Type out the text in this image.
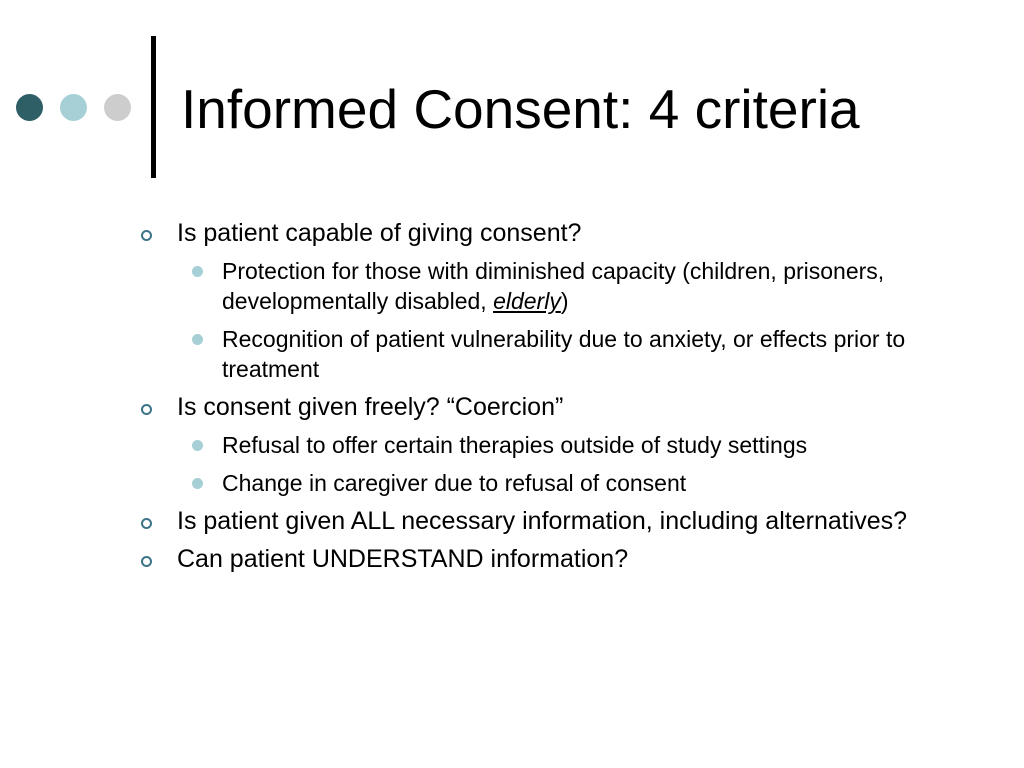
Informed Consent: 4 criteria
Is patient capable of giving consent?
Protection for those with diminished capacity (children, prisoners, developmentally disabled, elderly)
Recognition of patient vulnerability due to anxiety, or effects prior to treatment
Is consent given freely? “Coercion”
Refusal to offer certain therapies outside of study settings
Change in caregiver due to refusal of consent
Is patient given ALL necessary information, including alternatives?
Can patient UNDERSTAND information?
